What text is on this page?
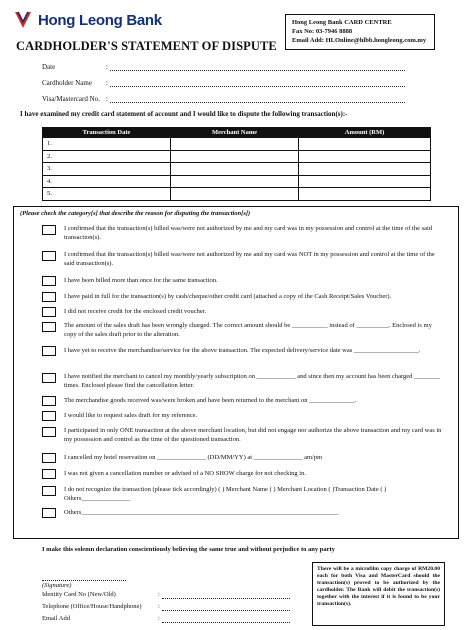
Hong Leong Bank
CARDHOLDER'S STATEMENT OF DISPUTE
Hong Leong Bank CARD CENTRE
Fax No: 03-7946 8888
Email Add: HLOnline@hlbb.hongleong.com.my
Date	:
Cardholder Name :
Visa/Mastercard No. :
I have examined my credit card statement of account and I would like to dispute the following transaction(s):-
Transaction Date	Merchant Name	Amount (RM)
1.		
2.		
3.		
4.		
5.		
(Please check the category[s] that describe the reason for disputing the transaction[s])
I confirmed that the transaction(s) billed was/were not authorized by me and my card was in my possession and control at the time of the said transaction(s).
I confirmed that the transaction(s) billed was/were not authorized by me and my card was NOT in my possession and control at the time of the said transaction(s).
I have been billed more than once for the same transaction.
I have paid in full for the transaction(s) by cash/cheque/other credit card (attached a copy of the Cash Receipt/Sales Voucher).
I did not receive credit for the enclosed credit voucher.
The amount of the sales draft has been wrongly charged. The correct amount should be ___________ instead of __________. Enclosed is my copy of the sales draft prior to the alteration.
I have yet to receive the merchandise/service for the above transaction. The expected delivery/service date was ____________________.
I have notified the merchant to cancel my monthly/yearly subscription on ____________ and since then my account has been charged ________ times. Enclosed please find the cancellation letter.
The merchandise goods received was/were broken and have been returned to the merchant on ______________.
I would like to request sales draft for my reference.
I participated in only ONE transaction at the above merchant location, but did not engage nor authorize the above transaction and my card was in my possession and control as the time of the questioned transaction.
I cancelled my hotel reservation on _______________ (DD/MM/YY) at _______________ am/pm
I was not given a cancellation number or advised of a NO SHOW charge for not checking in.
I do not recognize the transaction (please tick accordingly) ( ) Merchant Name ( ) Merchant Location ( )Transaction Date ( ) Others_______________
Others_______________________________________________________________________________
I make this solemn declaration conscientiously believing the same true and without prejudice to any party
(Signature)
Identity Card No (New/Old)	:
Telephone (Office/House/Handphone)	:
Email Add	:
There will be a microfilm copy charge of RM20.00 each for both Visa and MasterCard should the transaction(s) proved to be authorized by the cardholder. The Bank will debit the transaction(s) together with the interest if it is found to be your transaction(s).
